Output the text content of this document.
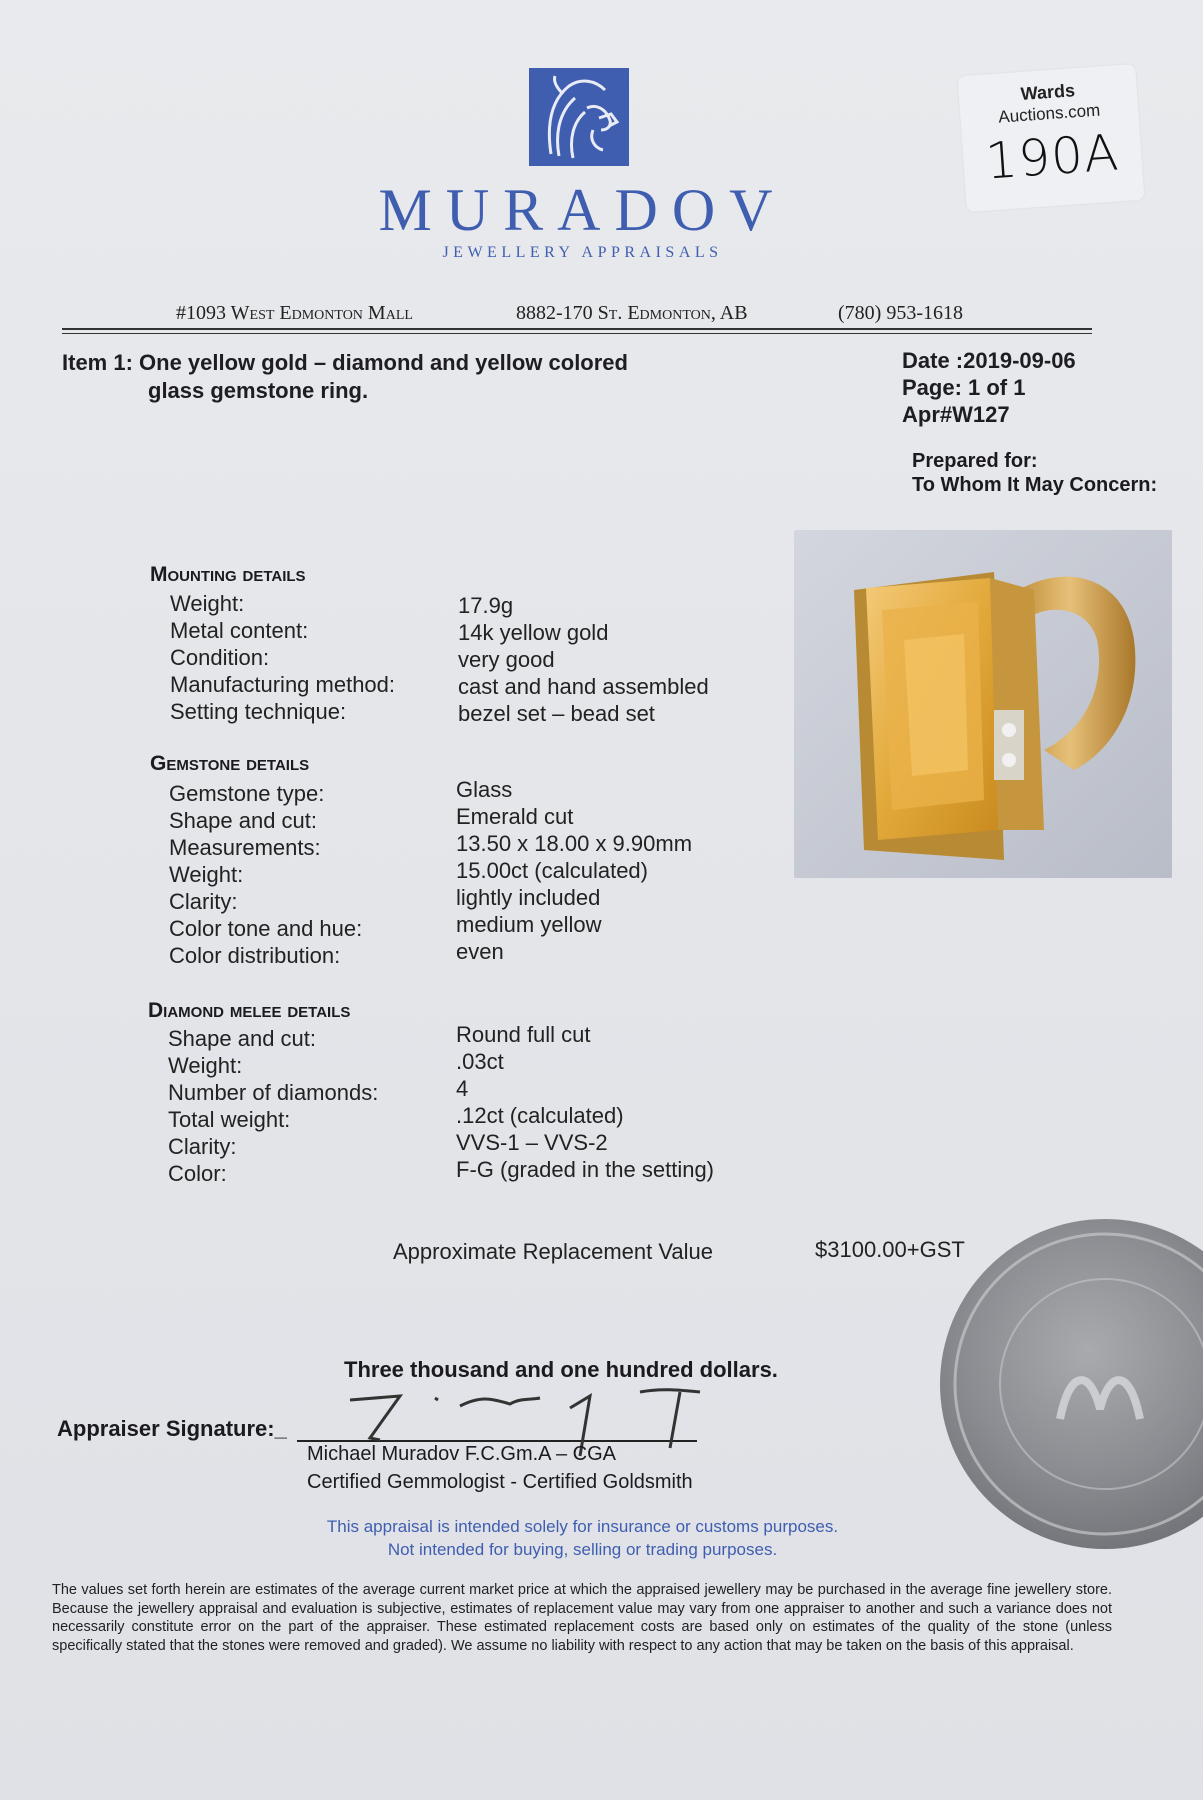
MURADOV
JEWELLERY APPRAISALS
#1093 West Edmonton Mall	8882-170 St. Edmonton, AB	(780) 953-1618
Wards
Auctions.com
190A
Item 1: One yellow gold – diamond and yellow colored
glass gemstone ring.
Date :2019-09-06
Page: 1 of 1
Apr#W127
Prepared for:
To Whom It May Concern:
Mounting details
Weight:	17.9g
Metal content:	14k yellow gold
Condition:	very good
Manufacturing method:	cast and hand assembled
Setting technique:	bezel set – bead set
Gemstone details
Gemstone type:	Glass
Shape and cut:	Emerald cut
Measurements:	13.50 x 18.00 x 9.90mm
Weight:	15.00ct (calculated)
Clarity:	lightly included
Color tone and hue:	medium yellow
Color distribution:	even
Diamond melee details
Shape and cut:	Round full cut
Weight:	.03ct
Number of diamonds:	4
Total weight:	.12ct (calculated)
Clarity:	VVS-1 – VVS-2
Color:	F-G (graded in the setting)
Approximate Replacement Value	$3100.00+GST
Three thousand and one hundred dollars.
Appraiser Signature:_
Michael Muradov F.C.Gm.A – CGA
Certified Gemmologist - Certified Goldsmith
This appraisal is intended solely for insurance or customs purposes.
Not intended for buying, selling or trading purposes.
The values set forth herein are estimates of the average current market price at which the appraised jewellery may be purchased in the average fine jewellery store. Because the jewellery appraisal and evaluation is subjective, estimates of replacement value may vary from one appraiser to another and such a variance does not necessarily constitute error on the part of the appraiser. These estimated replacement costs are based only on estimates of the quality of the stone (unless specifically stated that the stones were removed and graded). We assume no liability with respect to any action that may be taken on the basis of this appraisal.
